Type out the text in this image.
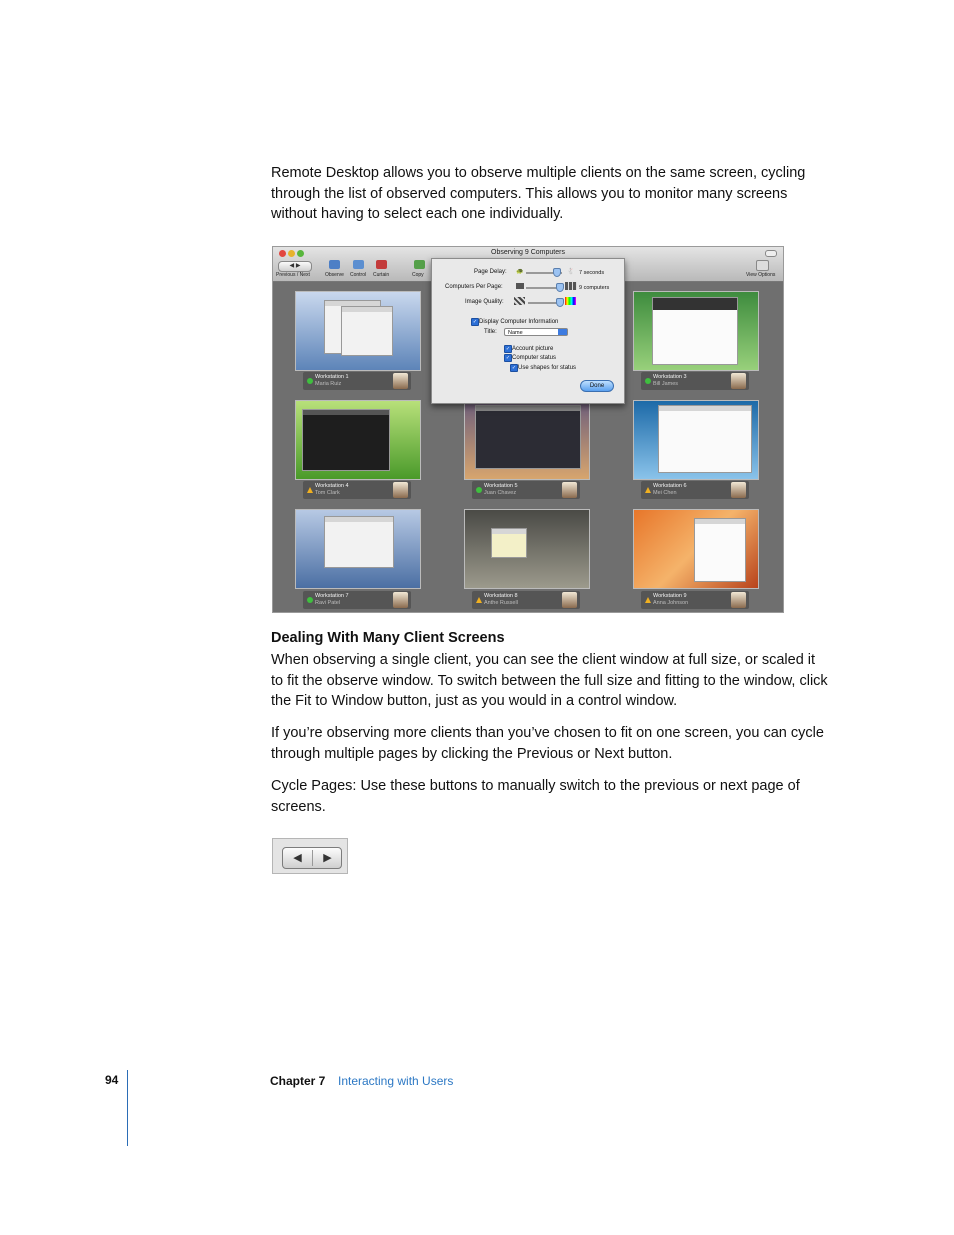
Remote Desktop allows you to observe multiple clients on the same screen, cycling through the list of observed computers. This allows you to monitor many screens without having to select each one individually.
Observing 9 Computers
◀ ▶
Previous / Next	Observe Control Curtain	Copy	View Options
Workstation 1
Maria Ruiz
Workstation 3
Bill James
Workstation 4
Tom Clark
Workstation 5
Juan Chavez
Workstation 6
Mei Chen
Workstation 7
Ravi Patel
Workstation 8
Anthe Russell
Workstation 9
Anna Johnson
Page Delay: 🐢	🐇 7 seconds
Computers Per Page:	9 computers
Image Quality:
✓ Display Computer Information
Title:	Name
✓ Account picture
✓ Computer status
✓ Use shapes for status
Done
Dealing With Many Client Screens
When observing a single client, you can see the client window at full size, or scaled it to fit the observe window. To switch between the full size and fitting to the window, click the Fit to Window button, just as you would in a control window.
If you’re observing more clients than you’ve chosen to fit on one screen, you can cycle through multiple pages by clicking the Previous or Next button.
Cycle Pages: Use these buttons to manually switch to the previous or next page of screens.
◀	▶
94	Chapter 7 Interacting with Users
